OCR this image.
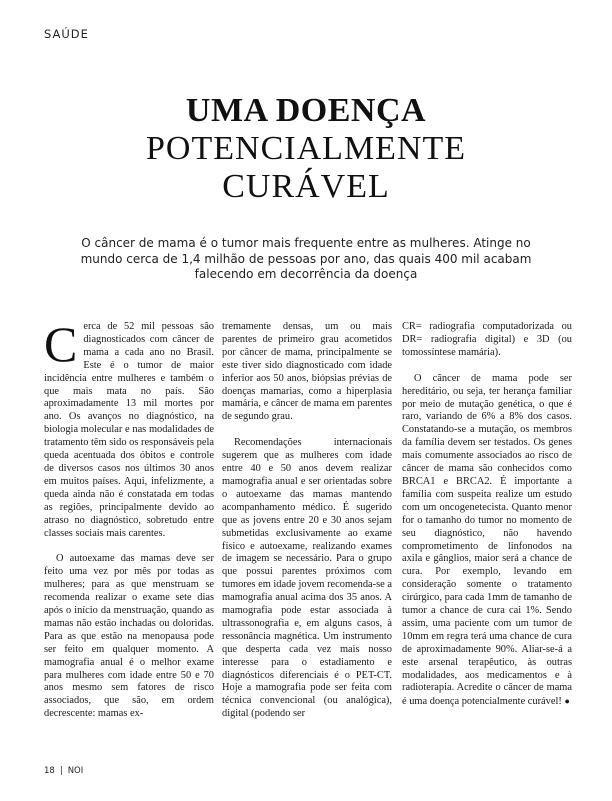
SAÚDE
UMA DOENÇA
POTENCIALMENTE
CURÁVEL
O câncer de mama é o tumor mais frequente entre as mulheres. Atinge no mundo cerca de 1,4 milhão de pessoas por ano, das quais 400 mil acabam falecendo em decorrência da doença

Cerca de 52 mil pessoas são diagnosticados com câncer de mama a cada ano no Brasil. Este é o tumor de maior incidência entre mulheres e também o que mais mata no país. São aproximadamente 13 mil mortes por ano. Os avanços no diagnóstico, na biologia molecular e nas modalidades de tratamento têm sido os responsáveis pela queda acentuada dos óbitos e controle de diversos casos nos últimos 30 anos em muitos países. Aqui, infelizmente, a queda ainda não é constatada em todas as regiões, principalmente devido ao atraso no diagnóstico, sobretudo entre classes sociais mais carentes.

O autoexame das mamas deve ser feito uma vez por mês por todas as mulheres; para as que menstruam se recomenda realizar o exame sete dias após o início da menstruação, quando as mamas não estão inchadas ou doloridas. Para as que estão na menopausa pode ser feito em qualquer momento. A mamografia anual é o melhor exame para mulheres com idade entre 50 e 70 anos mesmo sem fatores de risco associados, que são, em ordem decrescente: mamas ex-

tremamente densas, um ou mais parentes de primeiro grau acometidos por câncer de mama, principalmente se este tiver sido diagnosticado com idade inferior aos 50 anos, biópsias prévias de doenças mamarias, como a hiperplasia mamária, e câncer de mama em parentes de segundo grau.

Recomendações internacionais sugerem que as mulheres com idade entre 40 e 50 anos devem realizar mamografia anual e ser orientadas sobre o autoexame das mamas mantendo acompanhamento médico. É sugerido que as jovens entre 20 e 30 anos sejam submetidas exclusivamente ao exame físico e autoexame, realizando exames de imagem se necessário. Para o grupo que possui parentes próximos com tumores em idade jovem recomenda-se a mamografia anual acima dos 35 anos. A mamografia pode estar associada à ultrassonografia e, em alguns casos, à ressonância magnética. Um instrumento que desperta cada vez mais nosso interesse para o estadiamento e diagnósticos diferenciais é o PET-CT. Hoje a mamografia pode ser feita com técnica convencional (ou analógica), digital (podendo ser

CR= radiografia computadorizada ou DR= radiografia digital) e 3D (ou tomossíntese mamária).

O câncer de mama pode ser hereditário, ou seja, ter herança familiar por meio de mutação genética, o que é raro, variando de 6% a 8% dos casos. Constatando-se a mutação, os membros da família devem ser testados. Os genes mais comumente associados ao risco de câncer de mama são conhecidos como BRCA1 e BRCA2. É importante a família com suspeita realize um estudo com um oncogenetecista. Quanto menor for o tamanho do tumor no momento de seu diagnóstico, não havendo comprometimento de linfonodos na axila e gânglios, maior será a chance de cura. Por exemplo, levando em consideração somente o tratamento cirúrgico, para cada 1mm de tamanho de tumor a chance de cura cai 1%. Sendo assim, uma paciente com um tumor de 10mm em regra terá uma chance de cura de aproximadamente 90%. Aliar-se-á a este arsenal terapêutico, às outras modalidades, aos medicamentos e à radioterapia. Acredite o câncer de mama é uma doença potencialmente curável! ●

18 | NOI
